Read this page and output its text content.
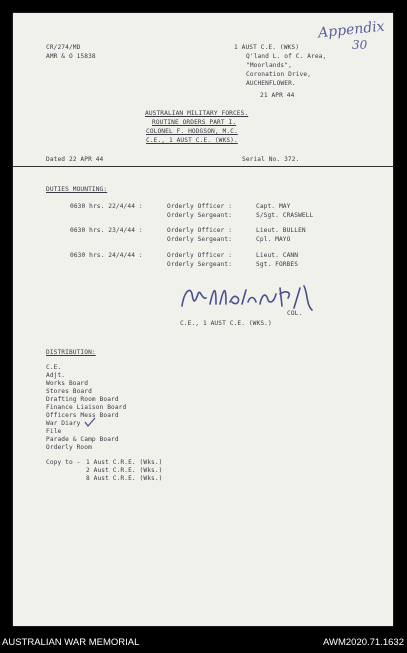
Appendix
30
CR/274/MD
AMR & O 15838
1 AUST C.E. (WKS)
Q'land L. of C. Area,
"Moorlands",
Coronation Drive,
AUCHENFLOWER.
21 APR 44
AUSTRALIAN MILITARY FORCES.
ROUTINE ORDERS PART I.
COLONEL F. HODGSON, M.C.
C.E., 1 AUST C.E. (WKS).
Dated 22 APR 44	Serial No. 372.
DUTIES MOUNTING:
0630 hrs. 22/4/44 :	Orderly Officer :	Capt. MAY
Orderly Sergeant:	S/Sgt. CRASWELL
0630 hrs. 23/4/44 :	Orderly Officer :	Lieut. BULLEN
Orderly Sergeant:	Cpl. MAYO
0630 hrs. 24/4/44 :	Orderly Officer :	Lieut. CANN
Orderly Sergeant:	Sgt. FORBES
COL.
C.E., 1 AUST C.E. (WKS.)
DISTRIBUTION:
C.E.
Adjt.
Works Board
Stores Board
Drafting Room Board
Finance Liaison Board
Officers Mess Board
War Diary
File
Parade & Camp Board
Orderly Room
Copy to - 1 Aust C.R.E. (Wks.)
2 Aust C.R.E. (Wks.)
8 Aust C.R.E. (Wks.)
AUSTRALIAN WAR MEMORIAL	AWM2020.71.1632
